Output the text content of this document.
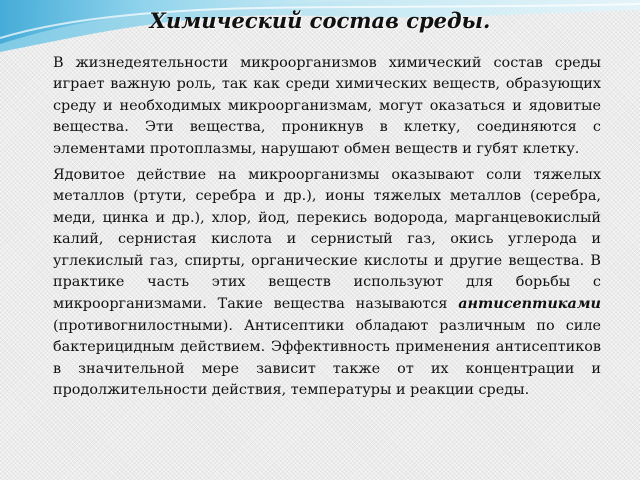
Химический состав среды.

В жизнедеятельности микроорганизмов химический состав среды играет важную роль, так как среди химических веществ, образующих среду и необходимых микроорганизмам, могут оказаться и ядовитые вещества. Эти вещества, проникнув в клетку, соединяются с элементами протоплазмы, нарушают обмен веществ и губят клетку.

Ядовитое действие на микроорганизмы оказывают соли тяжелых металлов (ртути, серебра и др.), ионы тяжелых металлов (серебра, меди, цинка и др.), хлор, йод, перекись водорода, марганцевокислый калий, сернистая кислота и сернистый газ, окись углерода и углекислый газ, спирты, органические кислоты и другие вещества. В практике часть этих веществ используют для борьбы с микроорганизмами. Такие вещества называются антисептиками (противогнилостными). Антисептики обладают различным по силе бактерицидным действием. Эффективность применения антисептиков в значительной мере зависит также от их концентрации и продолжительности действия, температуры и реакции среды.
